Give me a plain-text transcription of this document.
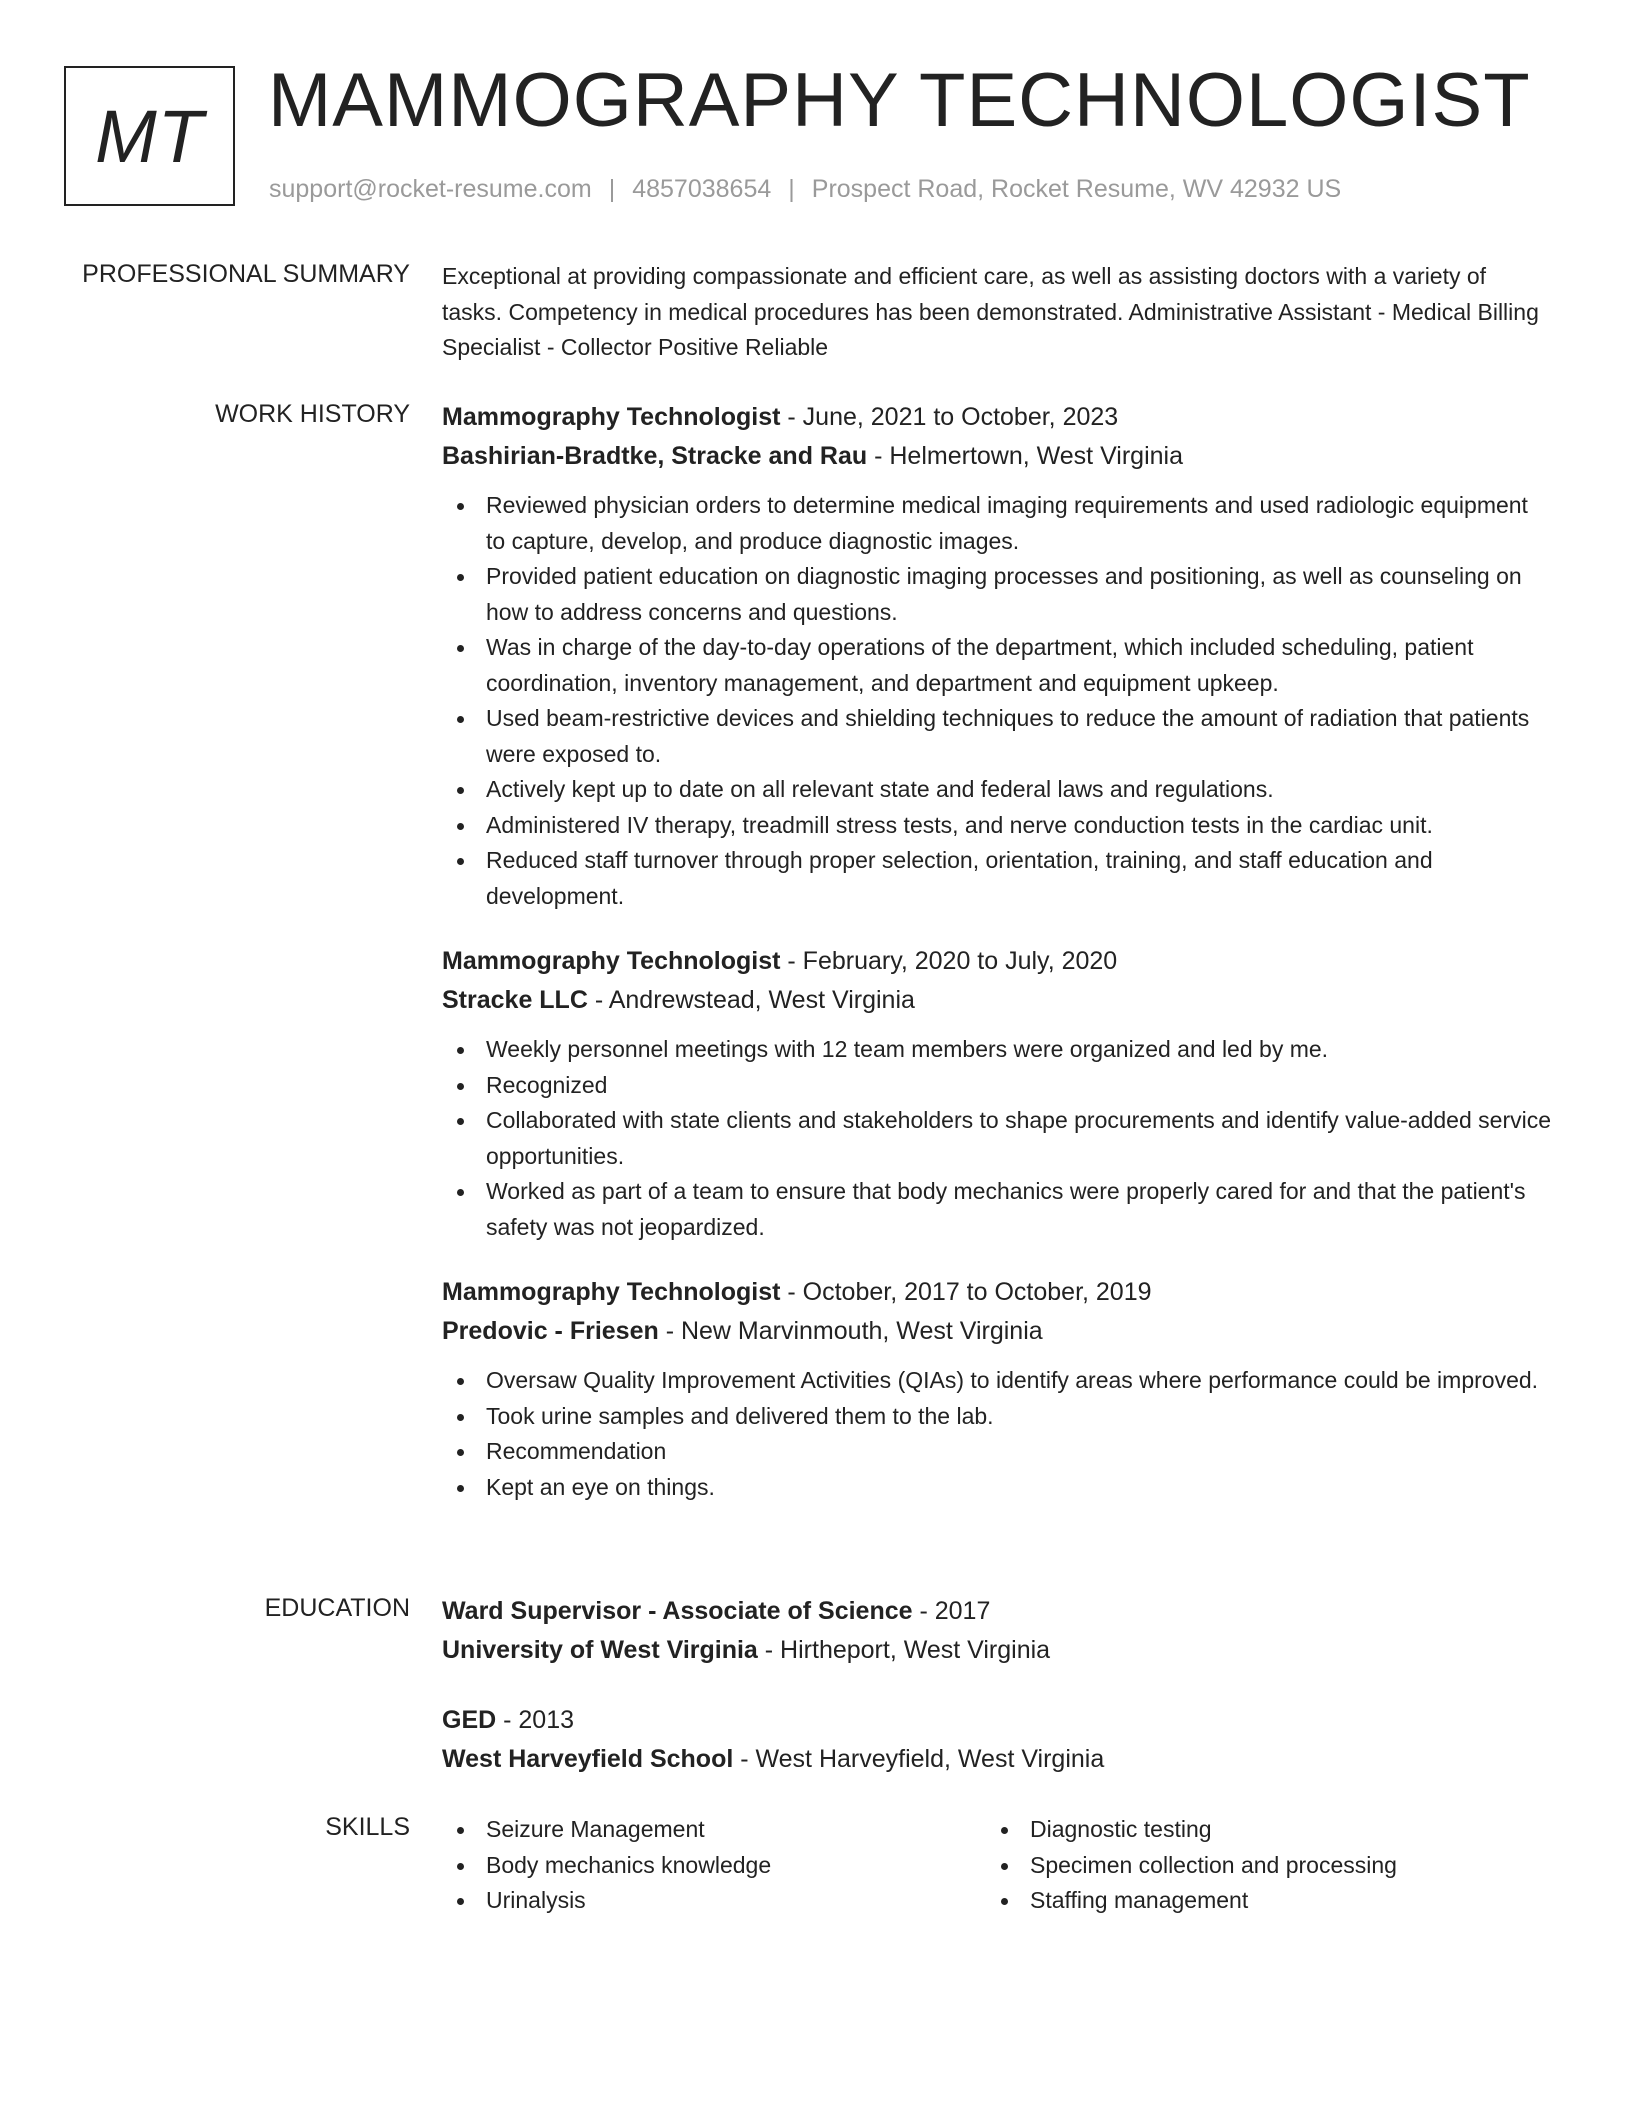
MT MAMMOGRAPHY TECHNOLOGIST
support@rocket-resume.com | 4857038654 | Prospect Road, Rocket Resume, WV 42932 US
PROFESSIONAL SUMMARY Exceptional at providing compassionate and efficient care, as well as assisting doctors with a variety of tasks. Competency in medical procedures has been demonstrated. Administrative Assistant - Medical Billing Specialist - Collector Positive Reliable

WORK HISTORY Mammography Technologist - June, 2021 to October, 2023
Bashirian-Bradtke, Stracke and Rau - Helmertown, West Virginia
Reviewed physician orders to determine medical imaging requirements and used radiologic equipment to capture, develop, and produce diagnostic images.
Provided patient education on diagnostic imaging processes and positioning, as well as counseling on how to address concerns and questions.
Was in charge of the day-to-day operations of the department, which included scheduling, patient coordination, inventory management, and department and equipment upkeep.
Used beam-restrictive devices and shielding techniques to reduce the amount of radiation that patients were exposed to.
Actively kept up to date on all relevant state and federal laws and regulations.
Administered IV therapy, treadmill stress tests, and nerve conduction tests in the cardiac unit.
Reduced staff turnover through proper selection, orientation, training, and staff education and development.
Mammography Technologist - February, 2020 to July, 2020
Stracke LLC - Andrewstead, West Virginia
Weekly personnel meetings with 12 team members were organized and led by me.
Recognized
Collaborated with state clients and stakeholders to shape procurements and identify value-added service opportunities.
Worked as part of a team to ensure that body mechanics were properly cared for and that the patient's safety was not jeopardized.
Mammography Technologist - October, 2017 to October, 2019
Predovic - Friesen - New Marvinmouth, West Virginia
Oversaw Quality Improvement Activities (QIAs) to identify areas where performance could be improved.
Took urine samples and delivered them to the lab.
Recommendation
Kept an eye on things.
EDUCATION Ward Supervisor - Associate of Science - 2017
University of West Virginia - Hirtheport, West Virginia
GED - 2013
West Harveyfield School - West Harveyfield, West Virginia
SKILLS	Seizure Management
Body mechanics knowledge
Urinalysis
Diagnostic testing
Specimen collection and processing
Staffing management
